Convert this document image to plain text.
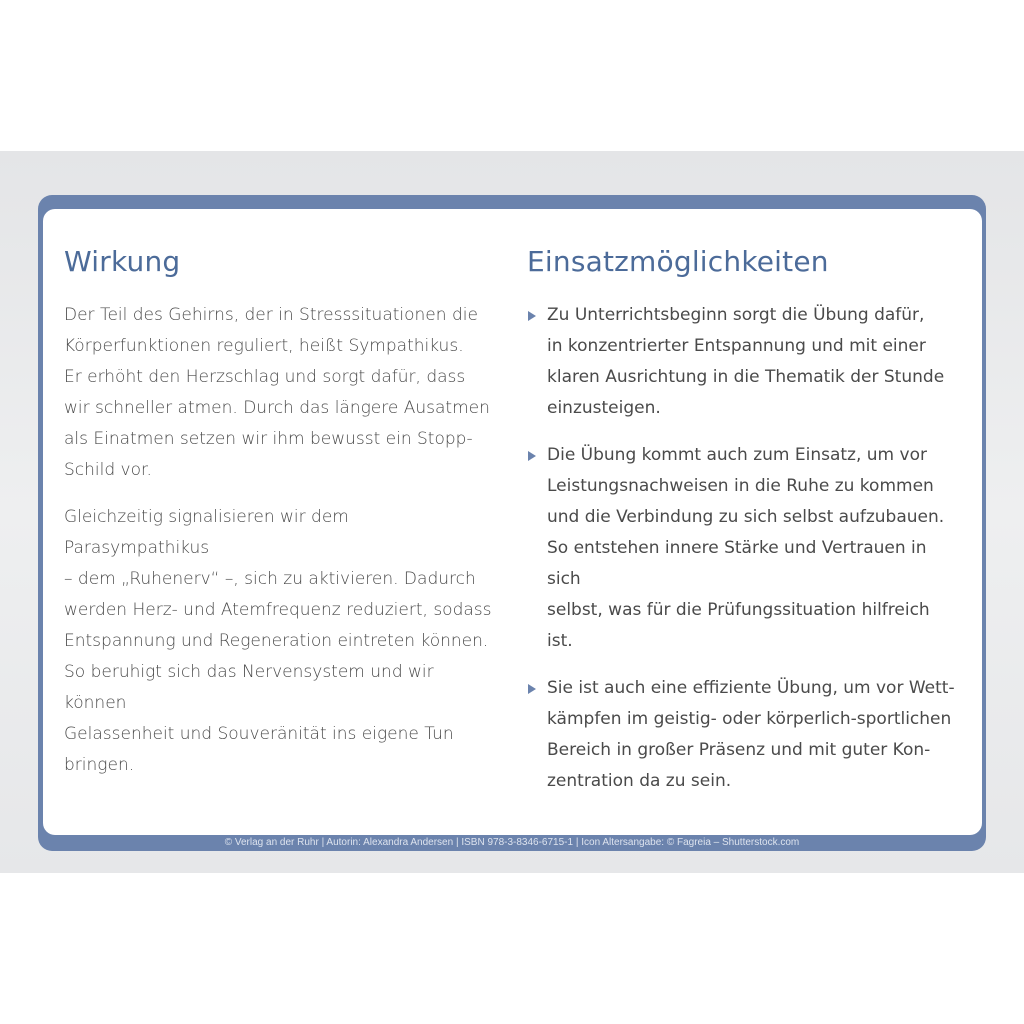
Wirkung

Der Teil des Gehirns, der in Stresssituationen die
Körperfunktionen reguliert, heißt Sympathikus.
Er erhöht den Herzschlag und sorgt dafür, dass
wir schneller atmen. Durch das längere Ausatmen
als Einatmen setzen wir ihm bewusst ein Stopp-
Schild vor.

Gleichzeitig signalisieren wir dem Parasympathikus
– dem „Ruhenerv“ –, sich zu aktivieren. Dadurch
werden Herz- und Atemfrequenz reduziert, sodass
Entspannung und Regeneration eintreten können.
So beruhigt sich das Nervensystem und wir können
Gelassenheit und Souveränität ins eigene Tun
bringen.

Einsatzmöglichkeiten
Zu Unterrichtsbeginn sorgt die Übung dafür,
in konzentrierter Entspannung und mit einer
klaren Ausrichtung in die Thematik der Stunde
einzusteigen.
Die Übung kommt auch zum Einsatz, um vor
Leistungsnachweisen in die Ruhe zu kommen
und die Verbindung zu sich selbst aufzubauen.
So entstehen innere Stärke und Vertrauen in sich
selbst, was für die Prüfungssituation hilfreich ist.
Sie ist auch eine effiziente Übung, um vor Wett-
kämpfen im geistig- oder körperlich-sportlichen
Bereich in großer Präsenz und mit guter Kon-
zentration da zu sein.
© Verlag an der Ruhr | Autorin: Alexandra Andersen | ISBN 978-3-8346-6715-1 | Icon Altersangabe: © Fagreia – Shutterstock.com
